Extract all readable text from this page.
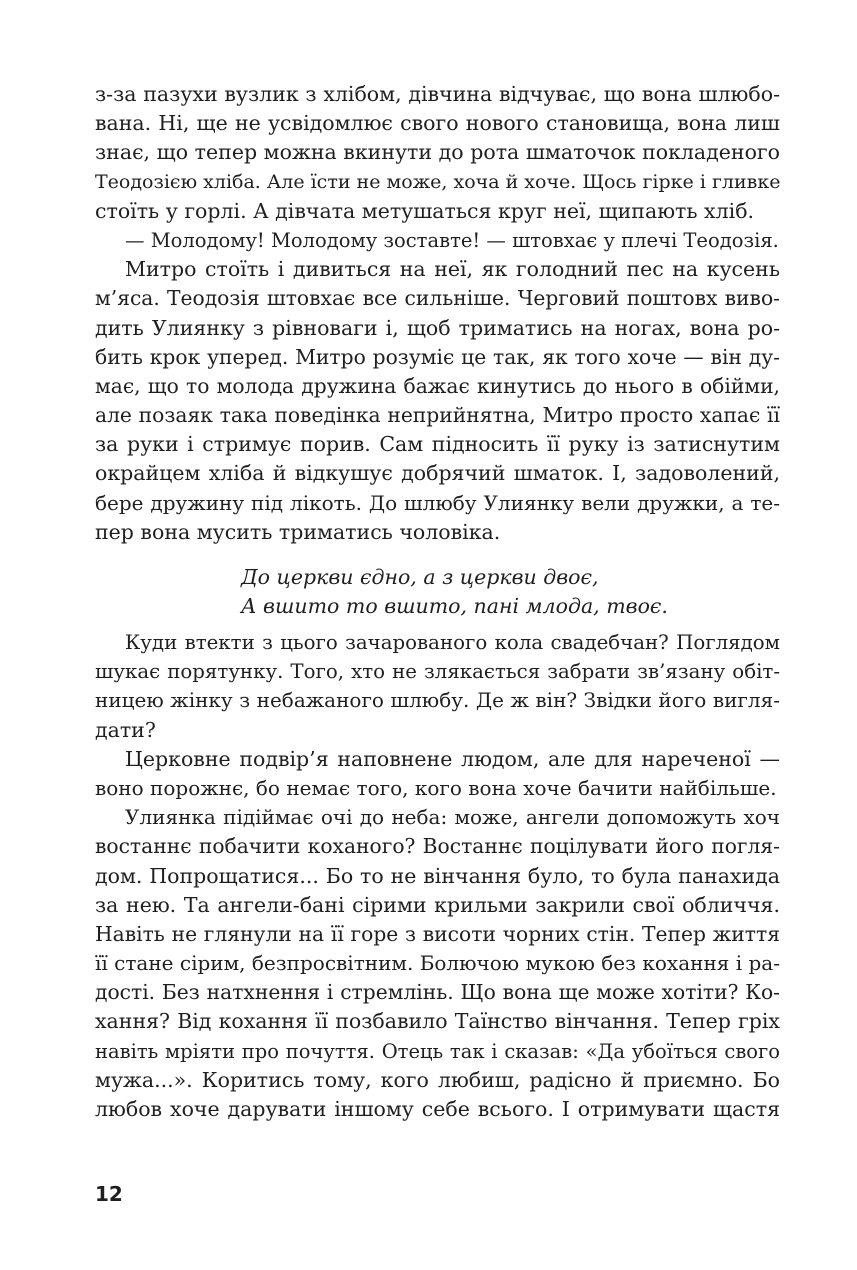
з-за пазухи вузлик з хлібом, дівчина відчуває, що вона шлюбо-
вана. Ні, ще не усвідомлює свого нового становища, вона лиш
знає, що тепер можна вкинути до рота шматочок покладеного
Теодозією хліба. Але їсти не може, хоча й хоче. Щось гірке і гливке
стоїть у горлі. А дівчата метушаться круг неї, щипають хліб.
— Молодому! Молодому зоставте! — штовхає у плечі Теодозія.
Митро стоїть і дивиться на неї, як голодний пес на кусень
м’яса. Теодозія штовхає все сильніше. Черговий поштовх виво-
дить Улиянку з рівноваги і, щоб триматись на ногах, вона ро-
бить крок уперед. Митро розуміє це так, як того хоче — він ду-
має, що то молода дружина бажає кинутись до нього в обійми,
але позаяк така поведінка неприйнятна, Митро просто хапає її
за руки і стримує порив. Сам підносить її руку із затиснутим
окрайцем хліба й відкушує добрячий шматок. І, задоволений,
бере дружину під лікоть. До шлюбу Улиянку вели дружки, а те-
пер вона мусить триматись чоловіка.
До церкви єдно, а з церкви двоє,
А вшито то вшито, пані млода, твоє.
Куди втекти з цього зачарованого кола свадебчан? Поглядом
шукає порятунку. Того, хто не злякається забрати зв’язану обіт-
ницею жінку з небажаного шлюбу. Де ж він? Звідки його вигля-
дати?
Церковне подвір’я наповнене людом, але для нареченої —
воно порожнє, бо немає того, кого вона хоче бачити найбільше.
Улиянка підіймає очі до неба: може, ангели допоможуть хоч
востаннє побачити коханого? Востаннє поцілувати його погля-
дом. Попрощатися... Бо то не вінчання було, то була панахида
за нею. Та ангели-бані сірими крильми закрили свої обличчя.
Навіть не глянули на її горе з висоти чорних стін. Тепер життя
її стане сірим, безпросвітним. Болючою мукою без кохання і ра-
дості. Без натхнення і стремлінь. Що вона ще може хотіти? Ко-
хання? Від кохання її позбавило Таїнство вінчання. Тепер гріх
навіть мріяти про почуття. Отець так і сказав: «Да убоїться свого
мужа...». Коритись тому, кого любиш, радісно й приємно. Бо
любов хоче дарувати іншому себе всього. І отримувати щастя
12
